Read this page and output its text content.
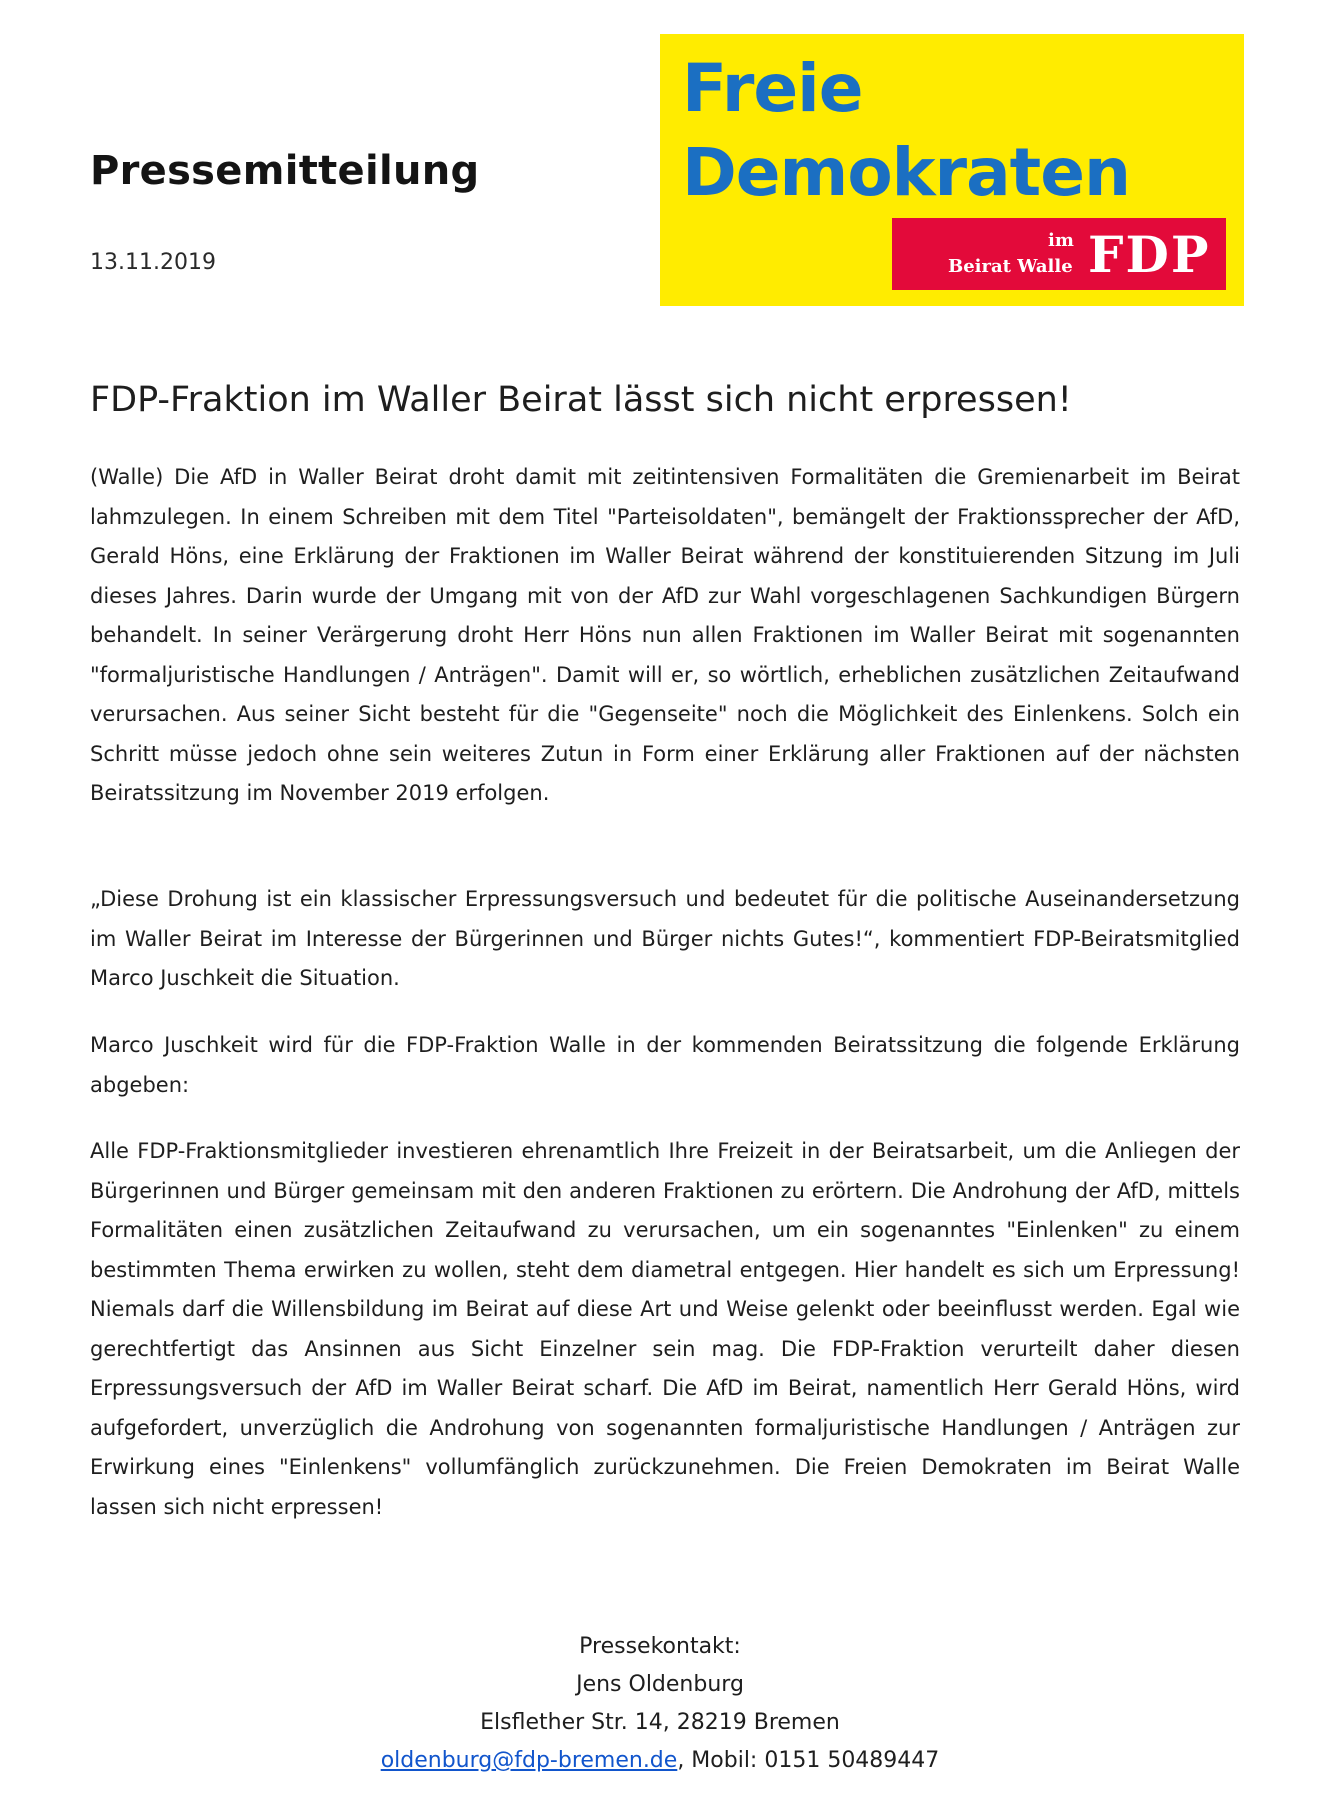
Pressemitteilung
13.11.2019
Freie
Demokraten
im
Beirat Walle FDP
FDP-Fraktion im Waller Beirat lässt sich nicht erpressen!

(Walle) Die AfD in Waller Beirat droht damit mit zeitintensiven Formalitäten die Gremienarbeit im Beirat lahmzulegen. In einem Schreiben mit dem Titel "Parteisoldaten", bemängelt der Fraktionssprecher der AfD, Gerald Höns, eine Erklärung der Fraktionen im Waller Beirat während der konstituierenden Sitzung im Juli dieses Jahres. Darin wurde der Umgang mit von der AfD zur Wahl vorgeschlagenen Sachkundigen Bürgern behandelt. In seiner Verärgerung droht Herr Höns nun allen Fraktionen im Waller Beirat mit sogenannten "formaljuristische Handlungen / Anträgen". Damit will er, so wörtlich, erheblichen zusätzlichen Zeitaufwand verursachen. Aus seiner Sicht besteht für die "Gegenseite" noch die Möglichkeit des Einlenkens. Solch ein Schritt müsse jedoch ohne sein weiteres Zutun in Form einer Erklärung aller Fraktionen auf der nächsten Beiratssitzung im November 2019 erfolgen.

„Diese Drohung ist ein klassischer Erpressungsversuch und bedeutet für die politische Auseinandersetzung im Waller Beirat im Interesse der Bürgerinnen und Bürger nichts Gutes!“, kommentiert FDP-Beiratsmitglied Marco Juschkeit die Situation.

Marco Juschkeit wird für die FDP-Fraktion Walle in der kommenden Beiratssitzung die folgende Erklärung abgeben:

Alle FDP-Fraktionsmitglieder investieren ehrenamtlich Ihre Freizeit in der Beiratsarbeit, um die Anliegen der Bürgerinnen und Bürger gemeinsam mit den anderen Fraktionen zu erörtern. Die Androhung der AfD, mittels Formalitäten einen zusätzlichen Zeitaufwand zu verursachen, um ein sogenanntes "Einlenken" zu einem bestimmten Thema erwirken zu wollen, steht dem diametral entgegen. Hier handelt es sich um Erpressung! Niemals darf die Willensbildung im Beirat auf diese Art und Weise gelenkt oder beeinflusst werden. Egal wie gerechtfertigt das Ansinnen aus Sicht Einzelner sein mag. Die FDP-Fraktion verurteilt daher diesen Erpressungsversuch der AfD im Waller Beirat scharf. Die AfD im Beirat, namentlich Herr Gerald Höns, wird aufgefordert, unverzüglich die Androhung von sogenannten formaljuristische Handlungen / Anträgen zur Erwirkung eines "Einlenkens" vollumfänglich zurückzunehmen. Die Freien Demokraten im Beirat Walle lassen sich nicht erpressen!

Pressekontakt:
Jens Oldenburg
Elsflether Str. 14, 28219 Bremen
oldenburg@fdp-bremen.de, Mobil: 0151 50489447
